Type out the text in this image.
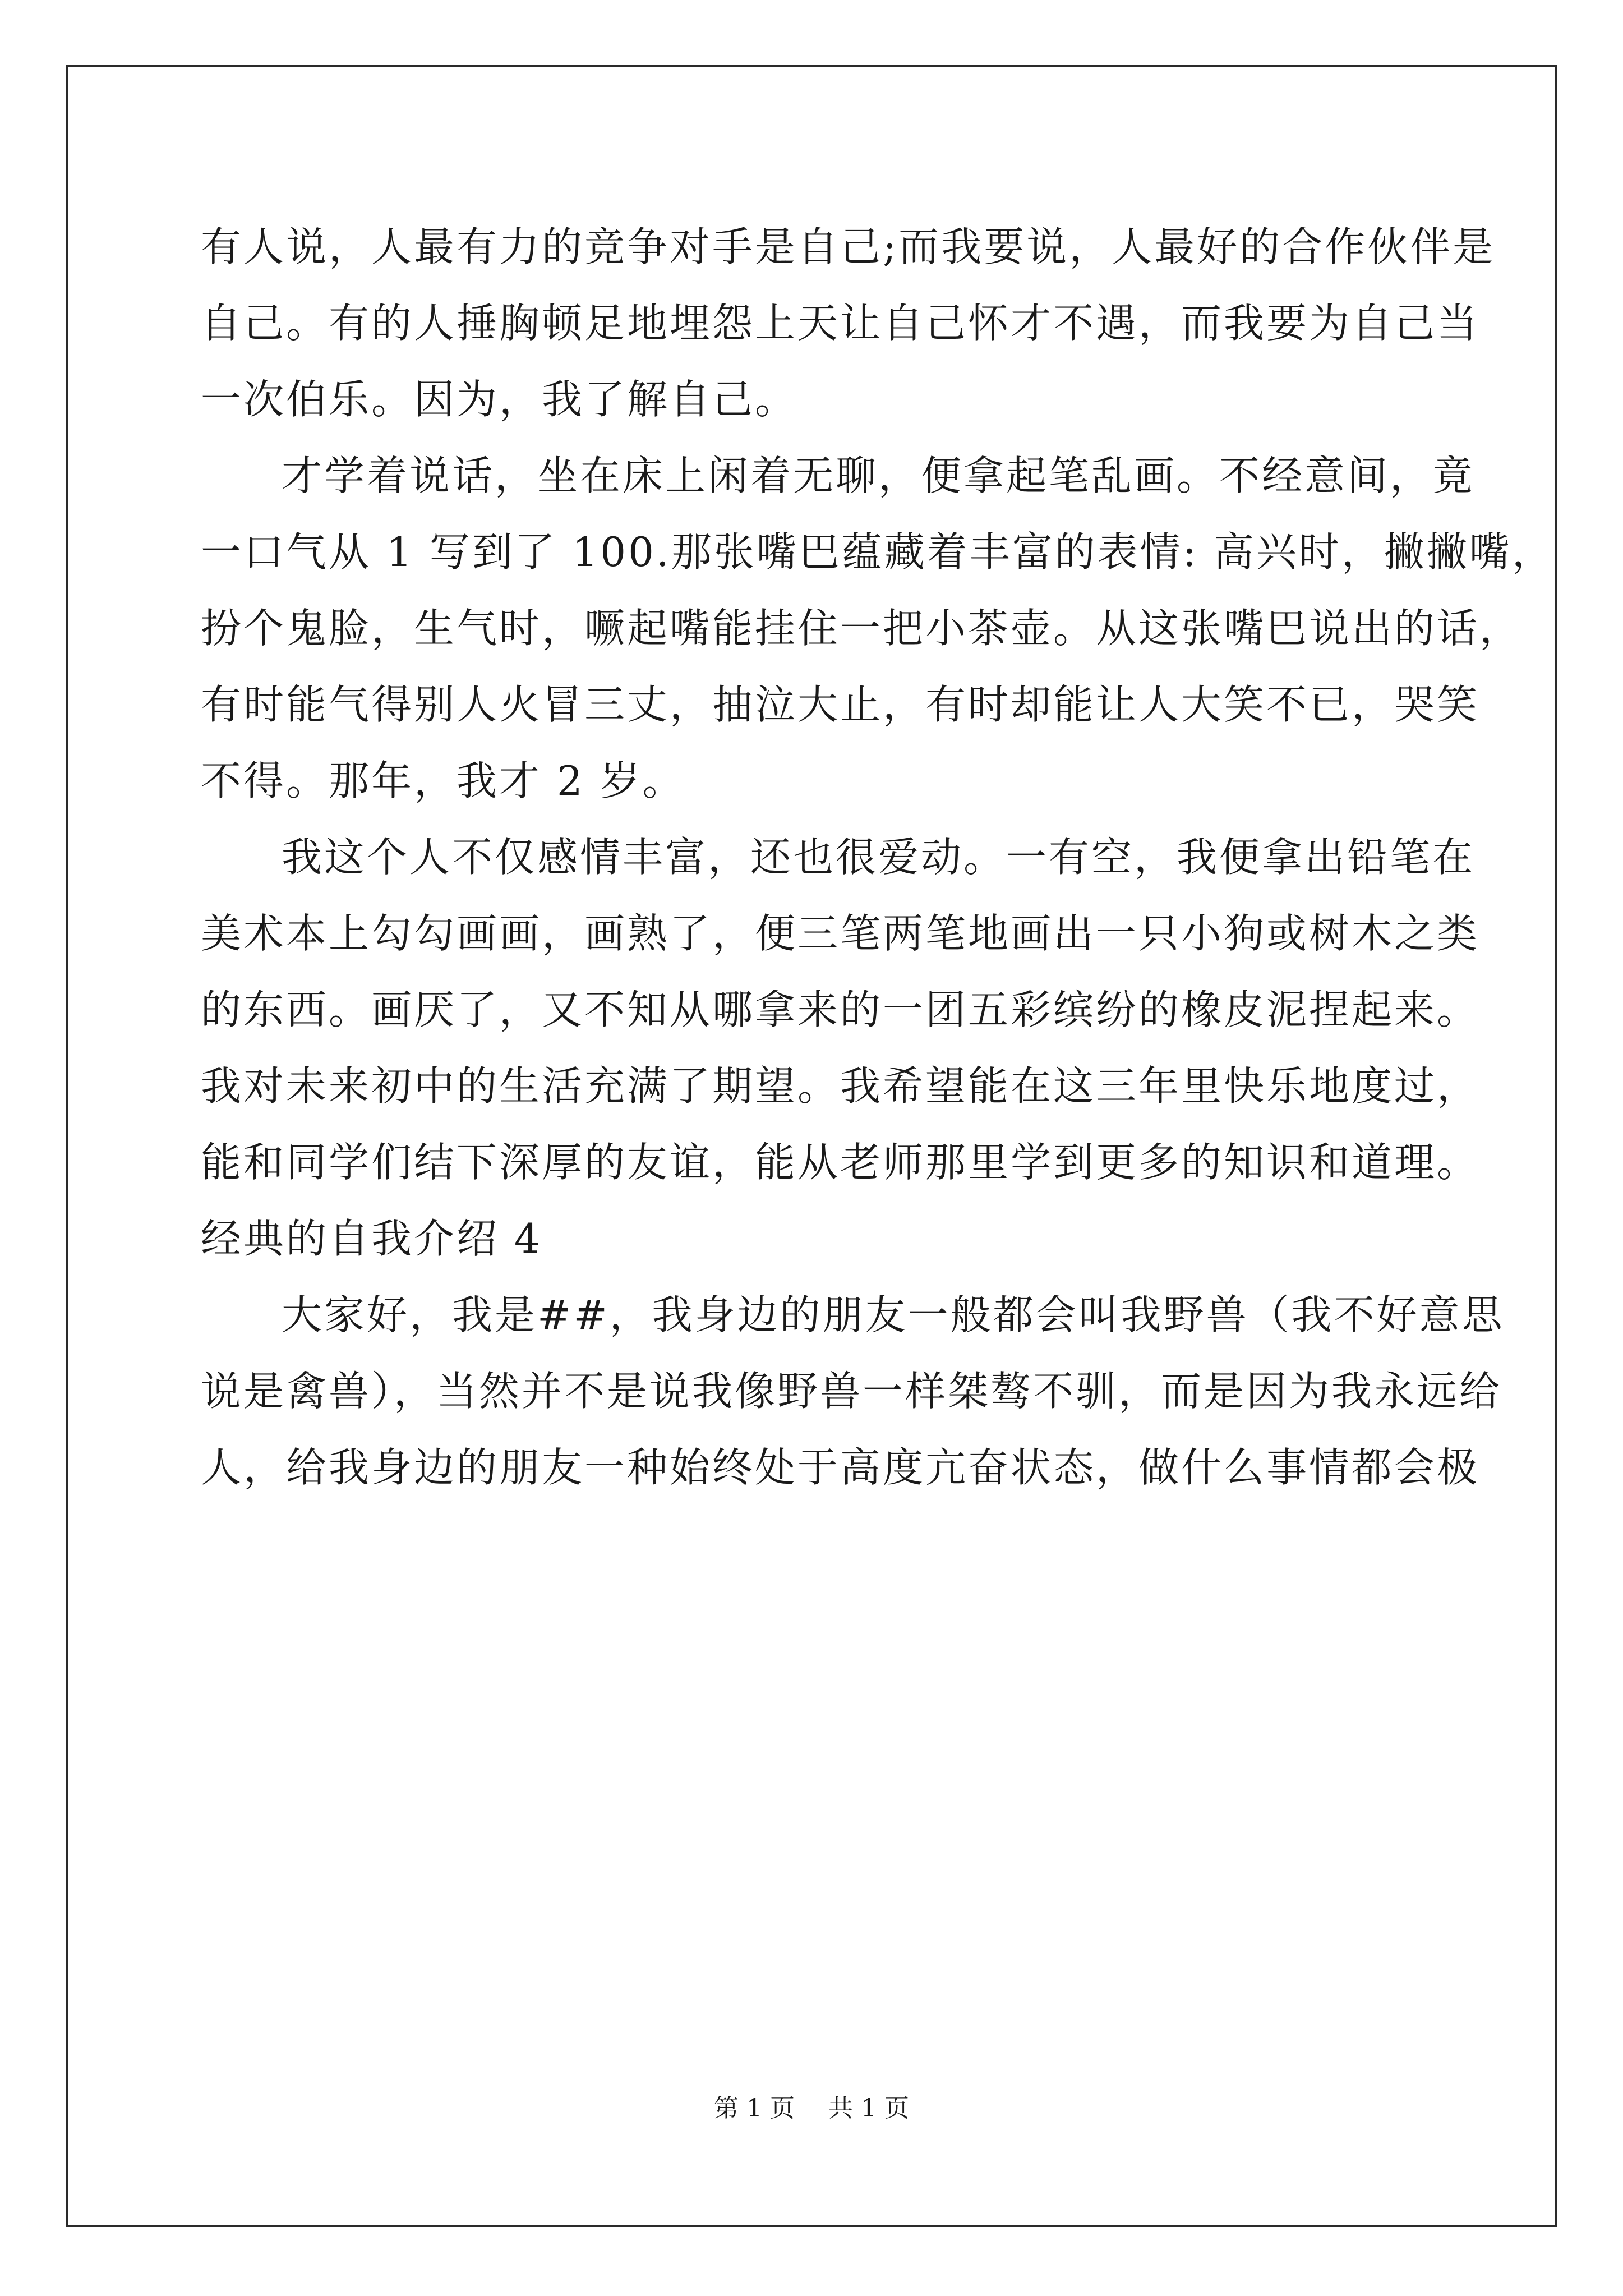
有人说，人最有力的竞争对手是自己;而我要说，人最好的合作伙伴是
自己。有的人捶胸顿足地埋怨上天让自己怀才不遇，而我要为自己当
一次伯乐。因为，我了解自己。
才学着说话，坐在床上闲着无聊，便拿起笔乱画。不经意间，竟
一口气从 1 写到了 100.那张嘴巴蕴藏着丰富的表情: 高兴时，撇撇嘴，
扮个鬼脸，生气时，噘起嘴能挂住一把小茶壶。从这张嘴巴说出的话，
有时能气得别人火冒三丈，抽泣大止，有时却能让人大笑不已，哭笑
不得。那年，我才 2 岁。
我这个人不仅感情丰富，还也很爱动。一有空，我便拿出铅笔在
美术本上勾勾画画，画熟了，便三笔两笔地画出一只小狗或树木之类
的东西。画厌了，又不知从哪拿来的一团五彩缤纷的橡皮泥捏起来。
我对未来初中的生活充满了期望。我希望能在这三年里快乐地度过，
能和同学们结下深厚的友谊，能从老师那里学到更多的知识和道理。
经典的自我介绍 4
大家好，我是##，我身边的朋友一般都会叫我野兽（我不好意思
说是禽兽），当然并不是说我像野兽一样桀骜不驯，而是因为我永远给
人，给我身边的朋友一种始终处于高度亢奋状态，做什么事情都会极
第 1 页 共 1 页
